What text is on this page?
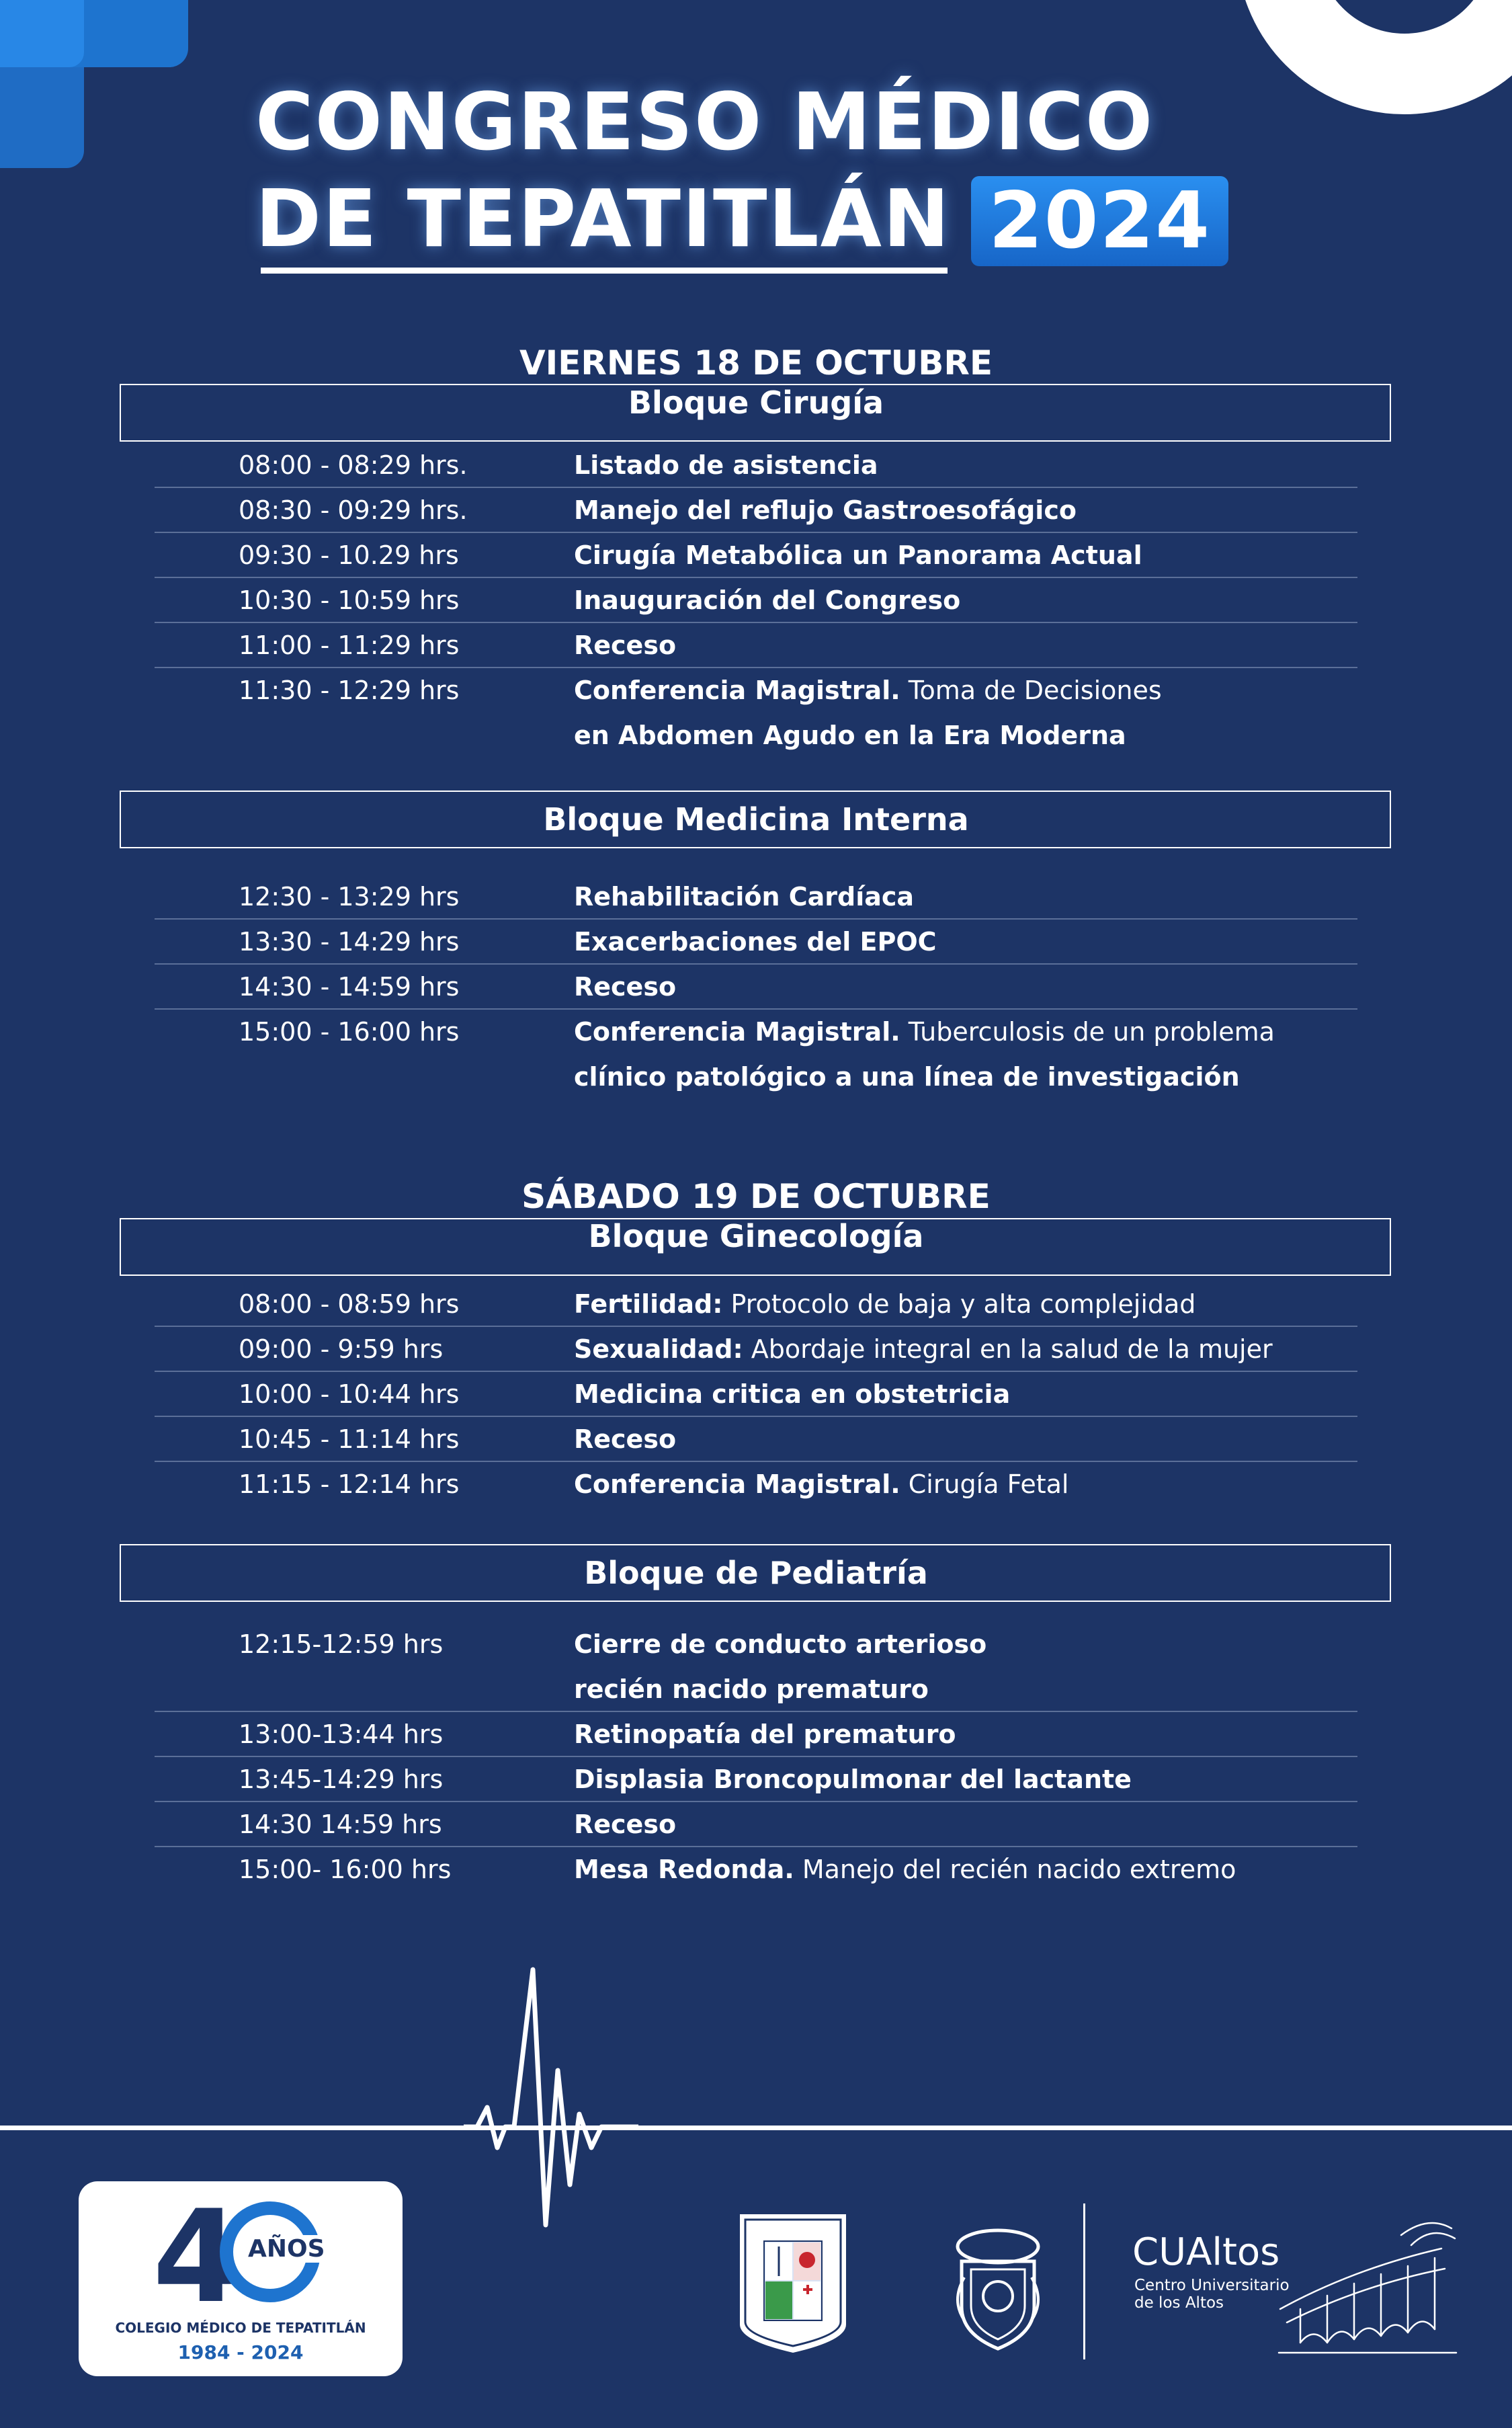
CONGRESO MÉDICO
DE TEPATITLÁN 2024
VIERNES 18 DE OCTUBRE
Bloque Cirugía
08:00 - 08:29 hrs.	Listado de asistencia
08:30 - 09:29 hrs.	Manejo del reflujo Gastroesofágico
09:30 - 10.29 hrs	Cirugía Metabólica un Panorama Actual
10:30 - 10:59 hrs	Inauguración del Congreso
11:00 - 11:29 hrs	Receso
11:30 - 12:29 hrs	Conferencia Magistral. Toma de Decisiones
en Abdomen Agudo en la Era Moderna
Bloque Medicina Interna
12:30 - 13:29 hrs	Rehabilitación Cardíaca
13:30 - 14:29 hrs	Exacerbaciones del EPOC
14:30 - 14:59 hrs	Receso
15:00 - 16:00 hrs	Conferencia Magistral. Tuberculosis de un problema
clínico patológico a una línea de investigación
SÁBADO 19 DE OCTUBRE
Bloque Ginecología
08:00 - 08:59 hrs	Fertilidad: Protocolo de baja y alta complejidad
09:00 - 9:59 hrs	Sexualidad: Abordaje integral en la salud de la mujer
10:00 - 10:44 hrs	Medicina critica en obstetricia
10:45 - 11:14 hrs	Receso
11:15 - 12:14 hrs	Conferencia Magistral. Cirugía Fetal
Bloque de Pediatría
12:15-12:59 hrs	Cierre de conducto arterioso
recién nacido prematuro
13:00-13:44 hrs	Retinopatía del prematuro
13:45-14:29 hrs	Displasia Broncopulmonar del lactante
14:30 14:59 hrs	Receso
15:00- 16:00 hrs	Mesa Redonda. Manejo del recién nacido extremo
4 AÑOS
COLEGIO MÉDICO DE TEPATITLÁN
1984 - 2024
CUAltos
Centro Universitario
de los Altos
